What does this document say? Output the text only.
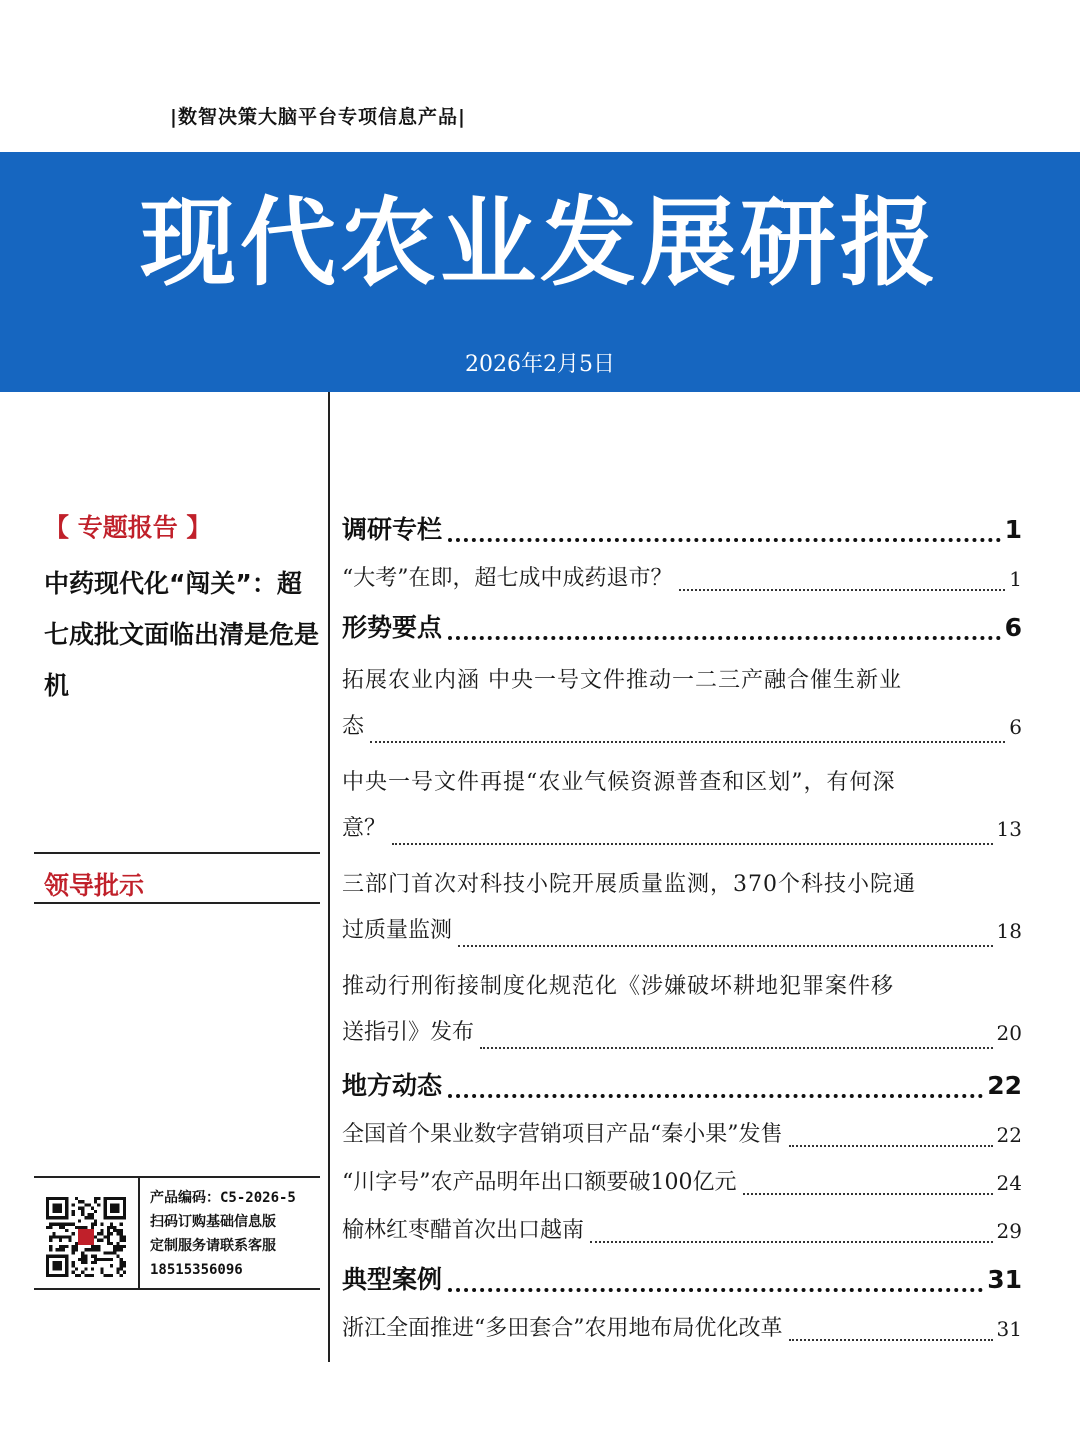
|数智决策大脑平台专项信息产品|
现代农业发展研报
2026年2月5日
【 专题报告 】
中药现代化“闯关”：超七成批文面临出清是危是机
领导批示
产品编码：C5-2026-5
扫码订购基础信息版
定制服务请联系客服
18515356096
调研专栏	1
“大考”在即，超七成中成药退市？	1
形势要点	6
拓展农业内涵 中央一号文件推动一二三产融合催生新业
态	6
中央一号文件再提“农业气候资源普查和区划”，有何深
意？	13
三部门首次对科技小院开展质量监测，370个科技小院通
过质量监测	18
推动行刑衔接制度化规范化《涉嫌破坏耕地犯罪案件移
送指引》发布	20
地方动态	22
全国首个果业数字营销项目产品“秦小果”发售	22
“川字号”农产品明年出口额要破100亿元	24
榆林红枣醋首次出口越南	29
典型案例	31
浙江全面推进“多田套合”农用地布局优化改革	31
